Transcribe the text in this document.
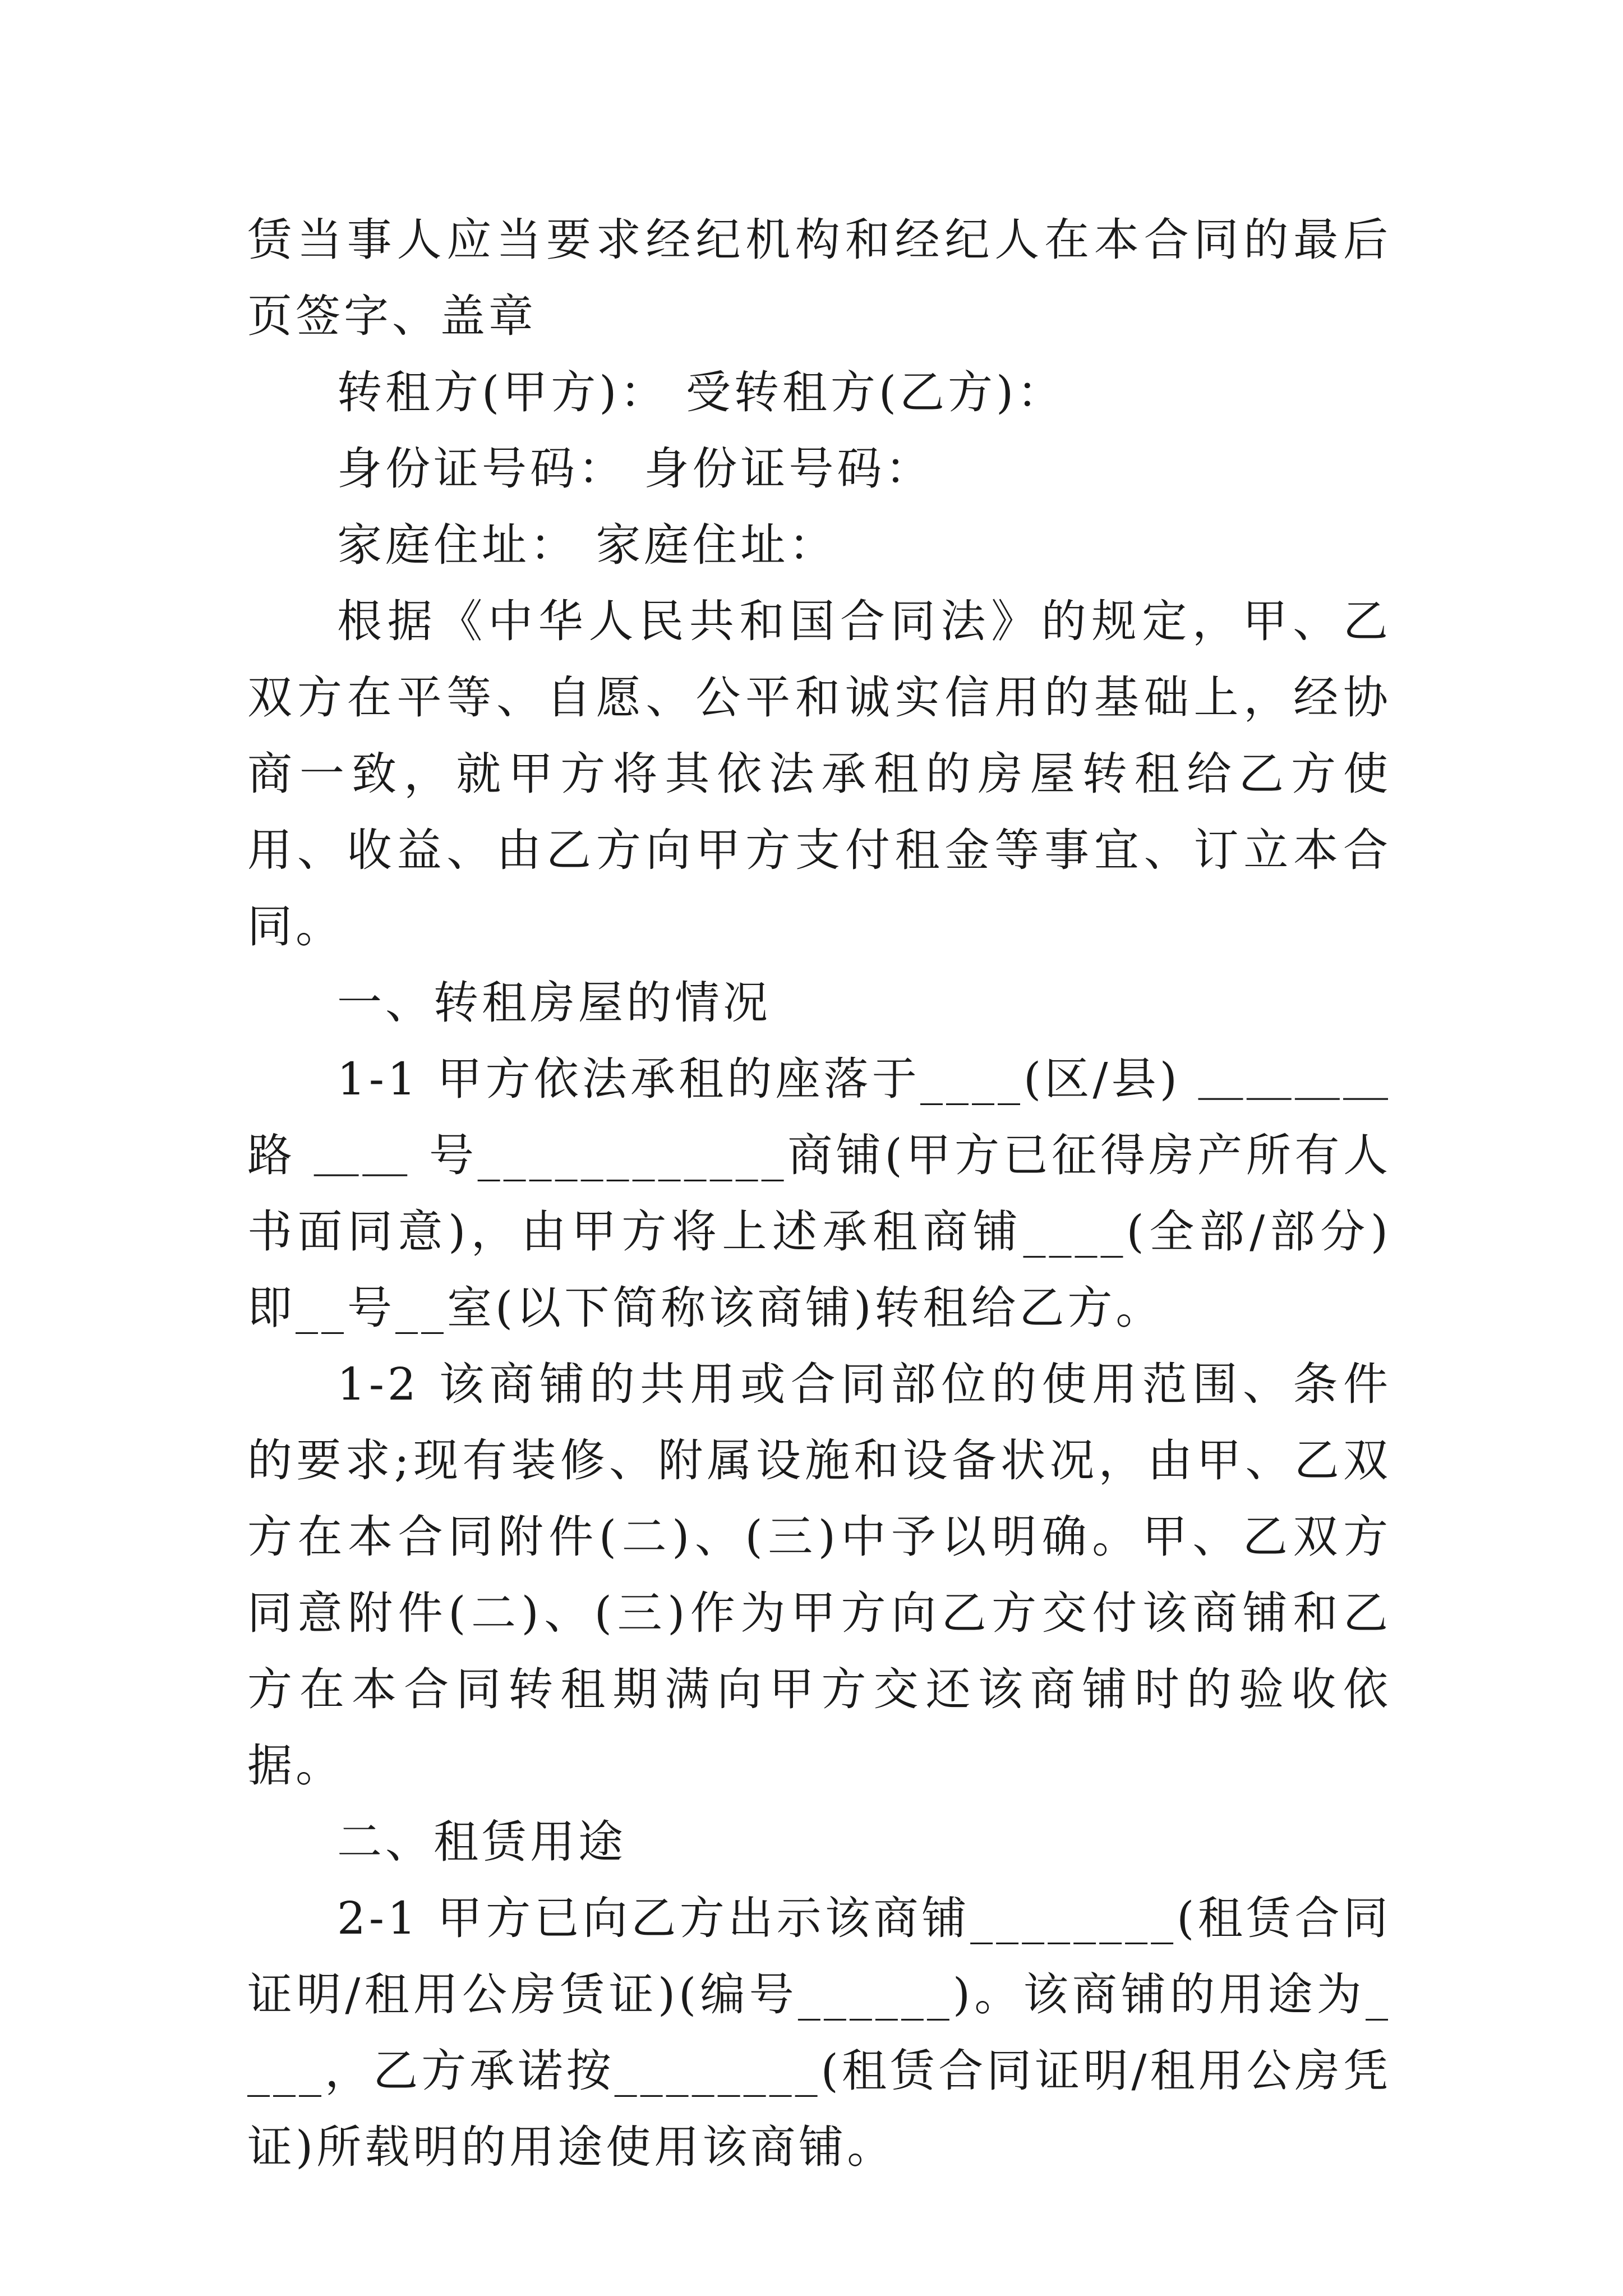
赁当事人应当要求经纪机构和经纪人在本合同的最后页签字、盖章

转租方(甲方)： 受转租方(乙方)：

身份证号码： 身份证号码：

家庭住址： 家庭住址：

根据《中华人民共和国合同法》的规定，甲、乙双方在平等、自愿、公平和诚实信用的基础上，经协商一致，就甲方将其依法承租的房屋转租给乙方使用、收益、由乙方向甲方支付租金等事宜、订立本合同。

一、转租房屋的情况

1-1 甲方依法承租的座落于____(区/县) ＿＿＿＿ 路 ＿＿ 号____________商铺(甲方已征得房产所有人书面同意)，由甲方将上述承租商铺____(全部/部分)即__号__室(以下简称该商铺)转租给乙方。

1-2 该商铺的共用或合同部位的使用范围、条件的要求;现有装修、附属设施和设备状况，由甲、乙双方在本合同附件(二)、(三)中予以明确。甲、乙双方同意附件(二)、(三)作为甲方向乙方交付该商铺和乙方在本合同转租期满向甲方交还该商铺时的验收依据。

二、租赁用途

2-1 甲方已向乙方出示该商铺________(租赁合同证明/租用公房赁证)(编号______)。该商铺的用途为____，乙方承诺按________(租赁合同证明/租用公房凭证)所载明的用途使用该商铺。
